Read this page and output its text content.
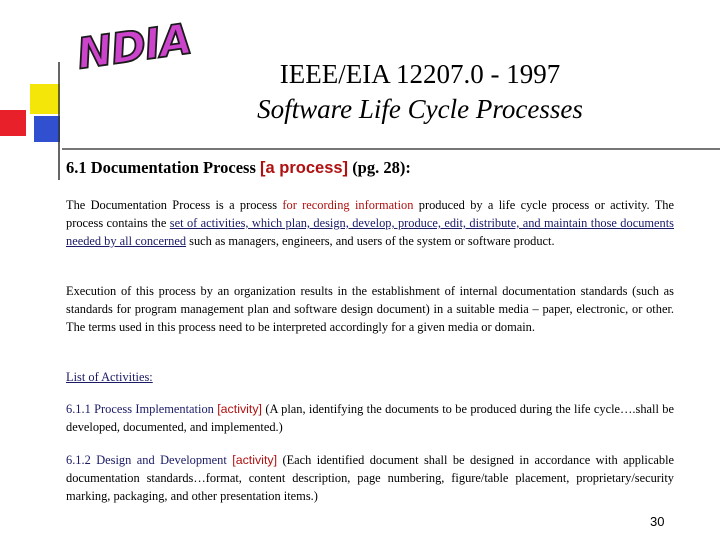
NDIA	IEEE/EIA 12207.0 - 1997
Software Life Cycle Processes
6.1 Documentation Process [a process] (pg. 28):
The Documentation Process is a process for recording information produced by a life cycle process or activity. The process contains the set of activities, which plan, design, develop, produce, edit, distribute, and maintain those documents needed by all concerned such as managers, engineers, and users of the system or software product.
Execution of this process by an organization results in the establishment of internal documentation standards (such as standards for program management plan and software design document) in a suitable media – paper, electronic, or other. The terms used in this process need to be interpreted accordingly for a given media or domain.
List of Activities:
6.1.1 Process Implementation [activity] (A plan, identifying the documents to be produced during the life cycle….shall be developed, documented, and implemented.)
6.1.2 Design and Development [activity] (Each identified document shall be designed in accordance with applicable documentation standards…format, content description, page numbering, figure/table placement, proprietary/security marking, packaging, and other presentation items.)
30
